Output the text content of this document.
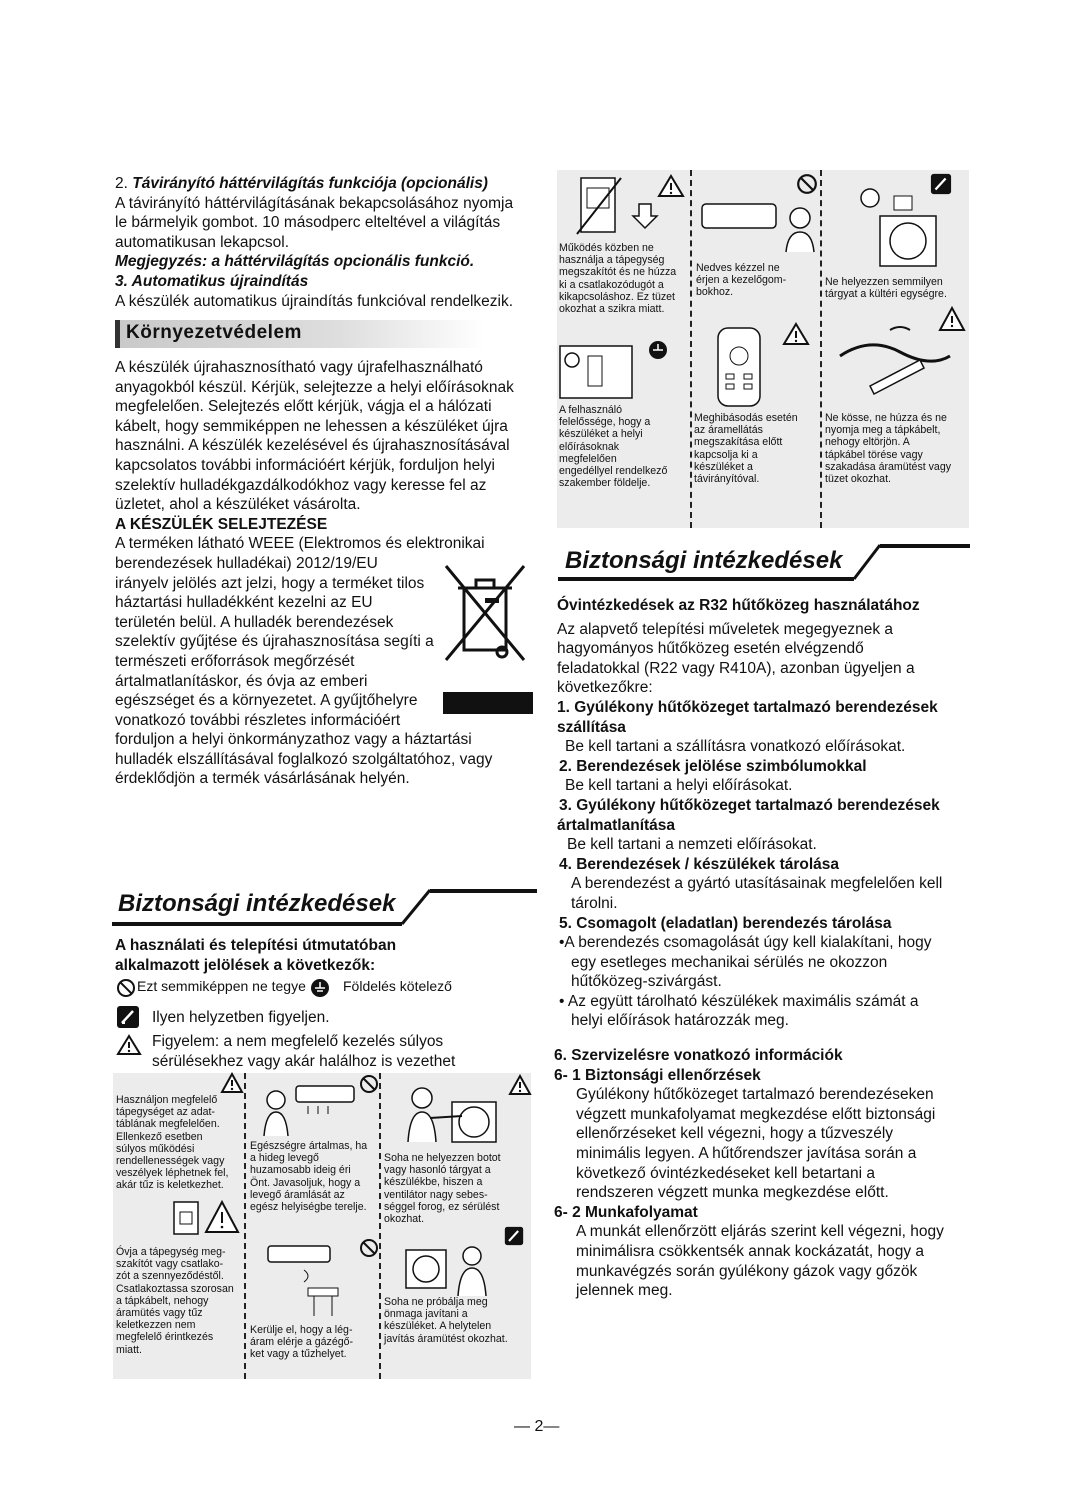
2. Távirányító háttérvilágítás funkciója (opcionális)
A távirányító háttérvilágításának bekapcsolásához nyomja
le bármelyik gombot. 10 másodperc elteltével a világítás
automatikusan lekapcsol.
Megjegyzés: a háttérvilágítás opcionális funkció.
3. Automatikus újraindítás
A készülék automatikus újraindítás funkcióval rendelkezik.
Környezetvédelem
A készülék újrahasznosítható vagy újrafelhasználható
anyagokból készül. Kérjük, selejtezze a helyi előírásoknak
megfelelően. Selejtezés előtt kérjük, vágja el a hálózati
kábelt, hogy semmiképpen ne lehessen a készüléket újra
használni. A készülék kezelésével és újrahasznosításával
kapcsolatos további információért kérjük, forduljon helyi
szelektív hulladékgazdálkodókhoz vagy keresse fel az
üzletet, ahol a készüléket vásárolta.
A KÉSZÜLÉK SELEJTEZÉSE
A terméken látható WEEE (Elektromos és elektronikai
berendezések hulladékai) 2012/19/EU
irányelv jelölés azt jelzi, hogy a terméket tilos
háztartási hulladékként kezelni az EU
területén belül. A hulladék berendezések
szelektív gyűjtése és újrahasznosítása segíti a
természeti erőforrások megőrzését
ártalmatlanításkor, és óvja az emberi
egészséget és a környezetet. A gyűjtőhelyre
vonatkozó további részletes információért
forduljon a helyi önkormányzathoz vagy a háztartási
hulladék elszállításával foglalkozó szolgáltatóhoz, vagy
érdeklődjön a termék vásárlásának helyén.
Biztonsági intézkedések
A használati és telepítési útmutatóban
alkalmazott jelölések a következők:
Ezt semmiképpen ne tegye	Földelés kötelező
Ilyen helyzetben figyeljen.
Figyelem: a nem megfelelő kezelés súlyos
sérülésekhez vagy akár halálhoz is vezethet
Használjon megfelelő
tápegységet az adat-
táblának megfelelően.
Ellenkező esetben
súlyos működési
rendellenességek vagy
veszélyek léphetnek fel,
akár tűz is keletkezhet.
Egészségre ártalmas, ha
a hideg levegő
huzamosabb ideig éri
Önt. Javasoljuk, hogy a
levegő áramlását az
egész helyiségbe terelje.
Soha ne helyezzen botot
vagy hasonló tárgyat a
készülékbe, hiszen a
ventilátor nagy sebes-
séggel forog, ez sérülést
okozhat.
Óvja a tápegység meg-
szakítót vagy csatlako-
zót a szennyeződéstől.
Csatlakoztassa szorosan
a tápkábelt, nehogy
áramütés vagy tűz
keletkezzen nem
megfelelő érintkezés
miatt.
Kerülje el, hogy a lég-
áram elérje a gázégő-
ket vagy a tűzhelyet.
Soha ne próbálja meg
önmaga javítani a
készüléket. A helytelen
javítás áramütést okozhat.
Működés közben ne
használja a tápegység
megszakítót és ne húzza
ki a csatlakozódugót a
kikapcsoláshoz. Ez tüzet
okozhat a szikra miatt.
Nedves kézzel ne
érjen a kezelőgom-
bokhoz.
Ne helyezzen semmilyen
tárgyat a kültéri egységre.
A felhasználó
felelőssége, hogy a
készüléket a helyi
előírásoknak
megfelelően
engedéllyel rendelkező
szakember földelje.
Meghibásodás esetén
az áramellátás
megszakítása előtt
kapcsolja ki a
készüléket a
távirányítóval.
Ne kösse, ne húzza és ne
nyomja meg a tápkábelt,
nehogy eltörjön. A
tápkábel törése vagy
szakadása áramütést vagy
tüzet okozhat.
Biztonsági intézkedések
Óvintézkedések az R32 hűtőközeg használatához
Az alapvető telepítési műveletek megegyeznek a
hagyományos hűtőközeg esetén elvégzendő
feladatokkal (R22 vagy R410A), azonban ügyeljen a
következőkre:
1. Gyúlékony hűtőközeget tartalmazó berendezések
szállítása
Be kell tartani a szállításra vonatkozó előírásokat.
2. Berendezések jelölése szimbólumokkal
Be kell tartani a helyi előírásokat.
3. Gyúlékony hűtőközeget tartalmazó berendezések
ártalmatlanítása
Be kell tartani a nemzeti előírásokat.
4. Berendezések / készülékek tárolása
A berendezést a gyártó utasításainak megfelelően kell
tárolni.
5. Csomagolt (eladatlan) berendezés tárolása
•A berendezés csomagolását úgy kell kialakítani, hogy
egy esetleges mechanikai sérülés ne okozzon
hűtőközeg-szivárgást.
• Az együtt tárolható készülékek maximális számát a
helyi előírások határozzák meg.
6. Szervizelésre vonatkozó információk
6- 1 Biztonsági ellenőrzések
Gyúlékony hűtőközeget tartalmazó berendezéseken
végzett munkafolyamat megkezdése előtt biztonsági
ellenőrzéseket kell végezni, hogy a tűzveszély
minimális legyen. A hűtőrendszer javítása során a
következő óvintézkedéseket kell betartani a
rendszeren végzett munka megkezdése előtt.
6- 2 Munkafolyamat
A munkát ellenőrzött eljárás szerint kell végezni, hogy
minimálisra csökkentsék annak kockázatát, hogy a
munkavégzés során gyúlékony gázok vagy gőzök
jelennek meg.
— 2—
